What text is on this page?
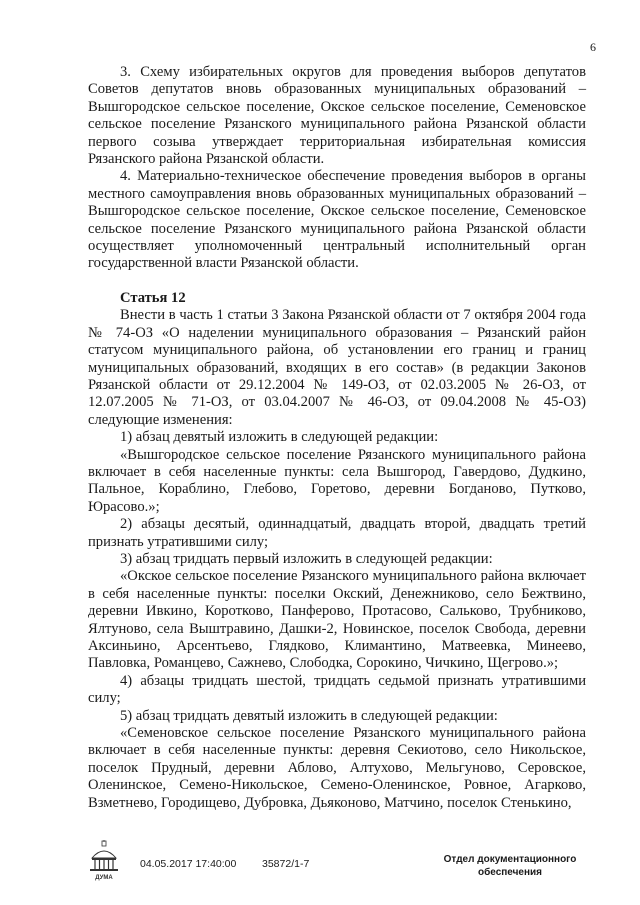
6

3. Схему избирательных округов для проведения выборов депутатов Советов депутатов вновь образованных муниципальных образований – Вышгородское сельское поселение, Окское сельское поселение, Семеновское сельское поселение Рязанского муниципального района Рязанской области первого созыва утверждает территориальная избирательная комиссия Рязанского района Рязанской области.

4. Материально-техническое обеспечение проведения выборов в органы местного самоуправления вновь образованных муниципальных образований – Вышгородское сельское поселение, Окское сельское поселение, Семеновское сельское поселение Рязанского муниципального района Рязанской области осуществляет уполномоченный центральный исполнительный орган государственной власти Рязанской области.

Статья 12

Внести в часть 1 статьи 3 Закона Рязанской области от 7 октября 2004 года № 74-ОЗ «О наделении муниципального образования – Рязанский район статусом муниципального района, об установлении его границ и границ муниципальных образований, входящих в его состав» (в редакции Законов Рязанской области от 29.12.2004 № 149-ОЗ, от 02.03.2005 № 26-ОЗ, от 12.07.2005 № 71-ОЗ, от 03.04.2007 № 46-ОЗ, от 09.04.2008 № 45-ОЗ) следующие изменения:

1) абзац девятый изложить в следующей редакции:

«Вышгородское сельское поселение Рязанского муниципального района включает в себя населенные пункты: села Вышгород, Гавердово, Дудкино, Пальное, Кораблино, Глебово, Горетово, деревни Богданово, Путково, Юрасово.»;

2) абзацы десятый, одиннадцатый, двадцать второй, двадцать третий признать утратившими силу;

3) абзац тридцать первый изложить в следующей редакции:

«Окское сельское поселение Рязанского муниципального района включает в себя населенные пункты: поселки Окский, Денежниково, село Бежтвино, деревни Ивкино, Коротково, Панферово, Протасово, Сальково, Трубниково, Ялтуново, села Выштравино, Дашки-2, Новинское, поселок Свобода, деревни Аксиньино, Арсентьево, Глядково, Климантино, Матвеевка, Минеево, Павловка, Романцево, Сажнево, Слободка, Сорокино, Чичкино, Щегрово.»;

4) абзацы тридцать шестой, тридцать седьмой признать утратившими силу;

5) абзац тридцать девятый изложить в следующей редакции:

«Семеновское сельское поселение Рязанского муниципального района включает в себя населенные пункты: деревня Секиотово, село Никольское, поселок Прудный, деревни Аблово, Алтухово, Мельгуново, Серовское, Оленинское, Семено-Никольское, Семено-Оленинское, Ровное, Агарково, Взметнево, Городищево, Дубровка, Дьяконово, Матчино, поселок Стенькино,

ДУМА
04.05.2017 17:40:00 35872/1-7	Отдел документационного
обеспечения
